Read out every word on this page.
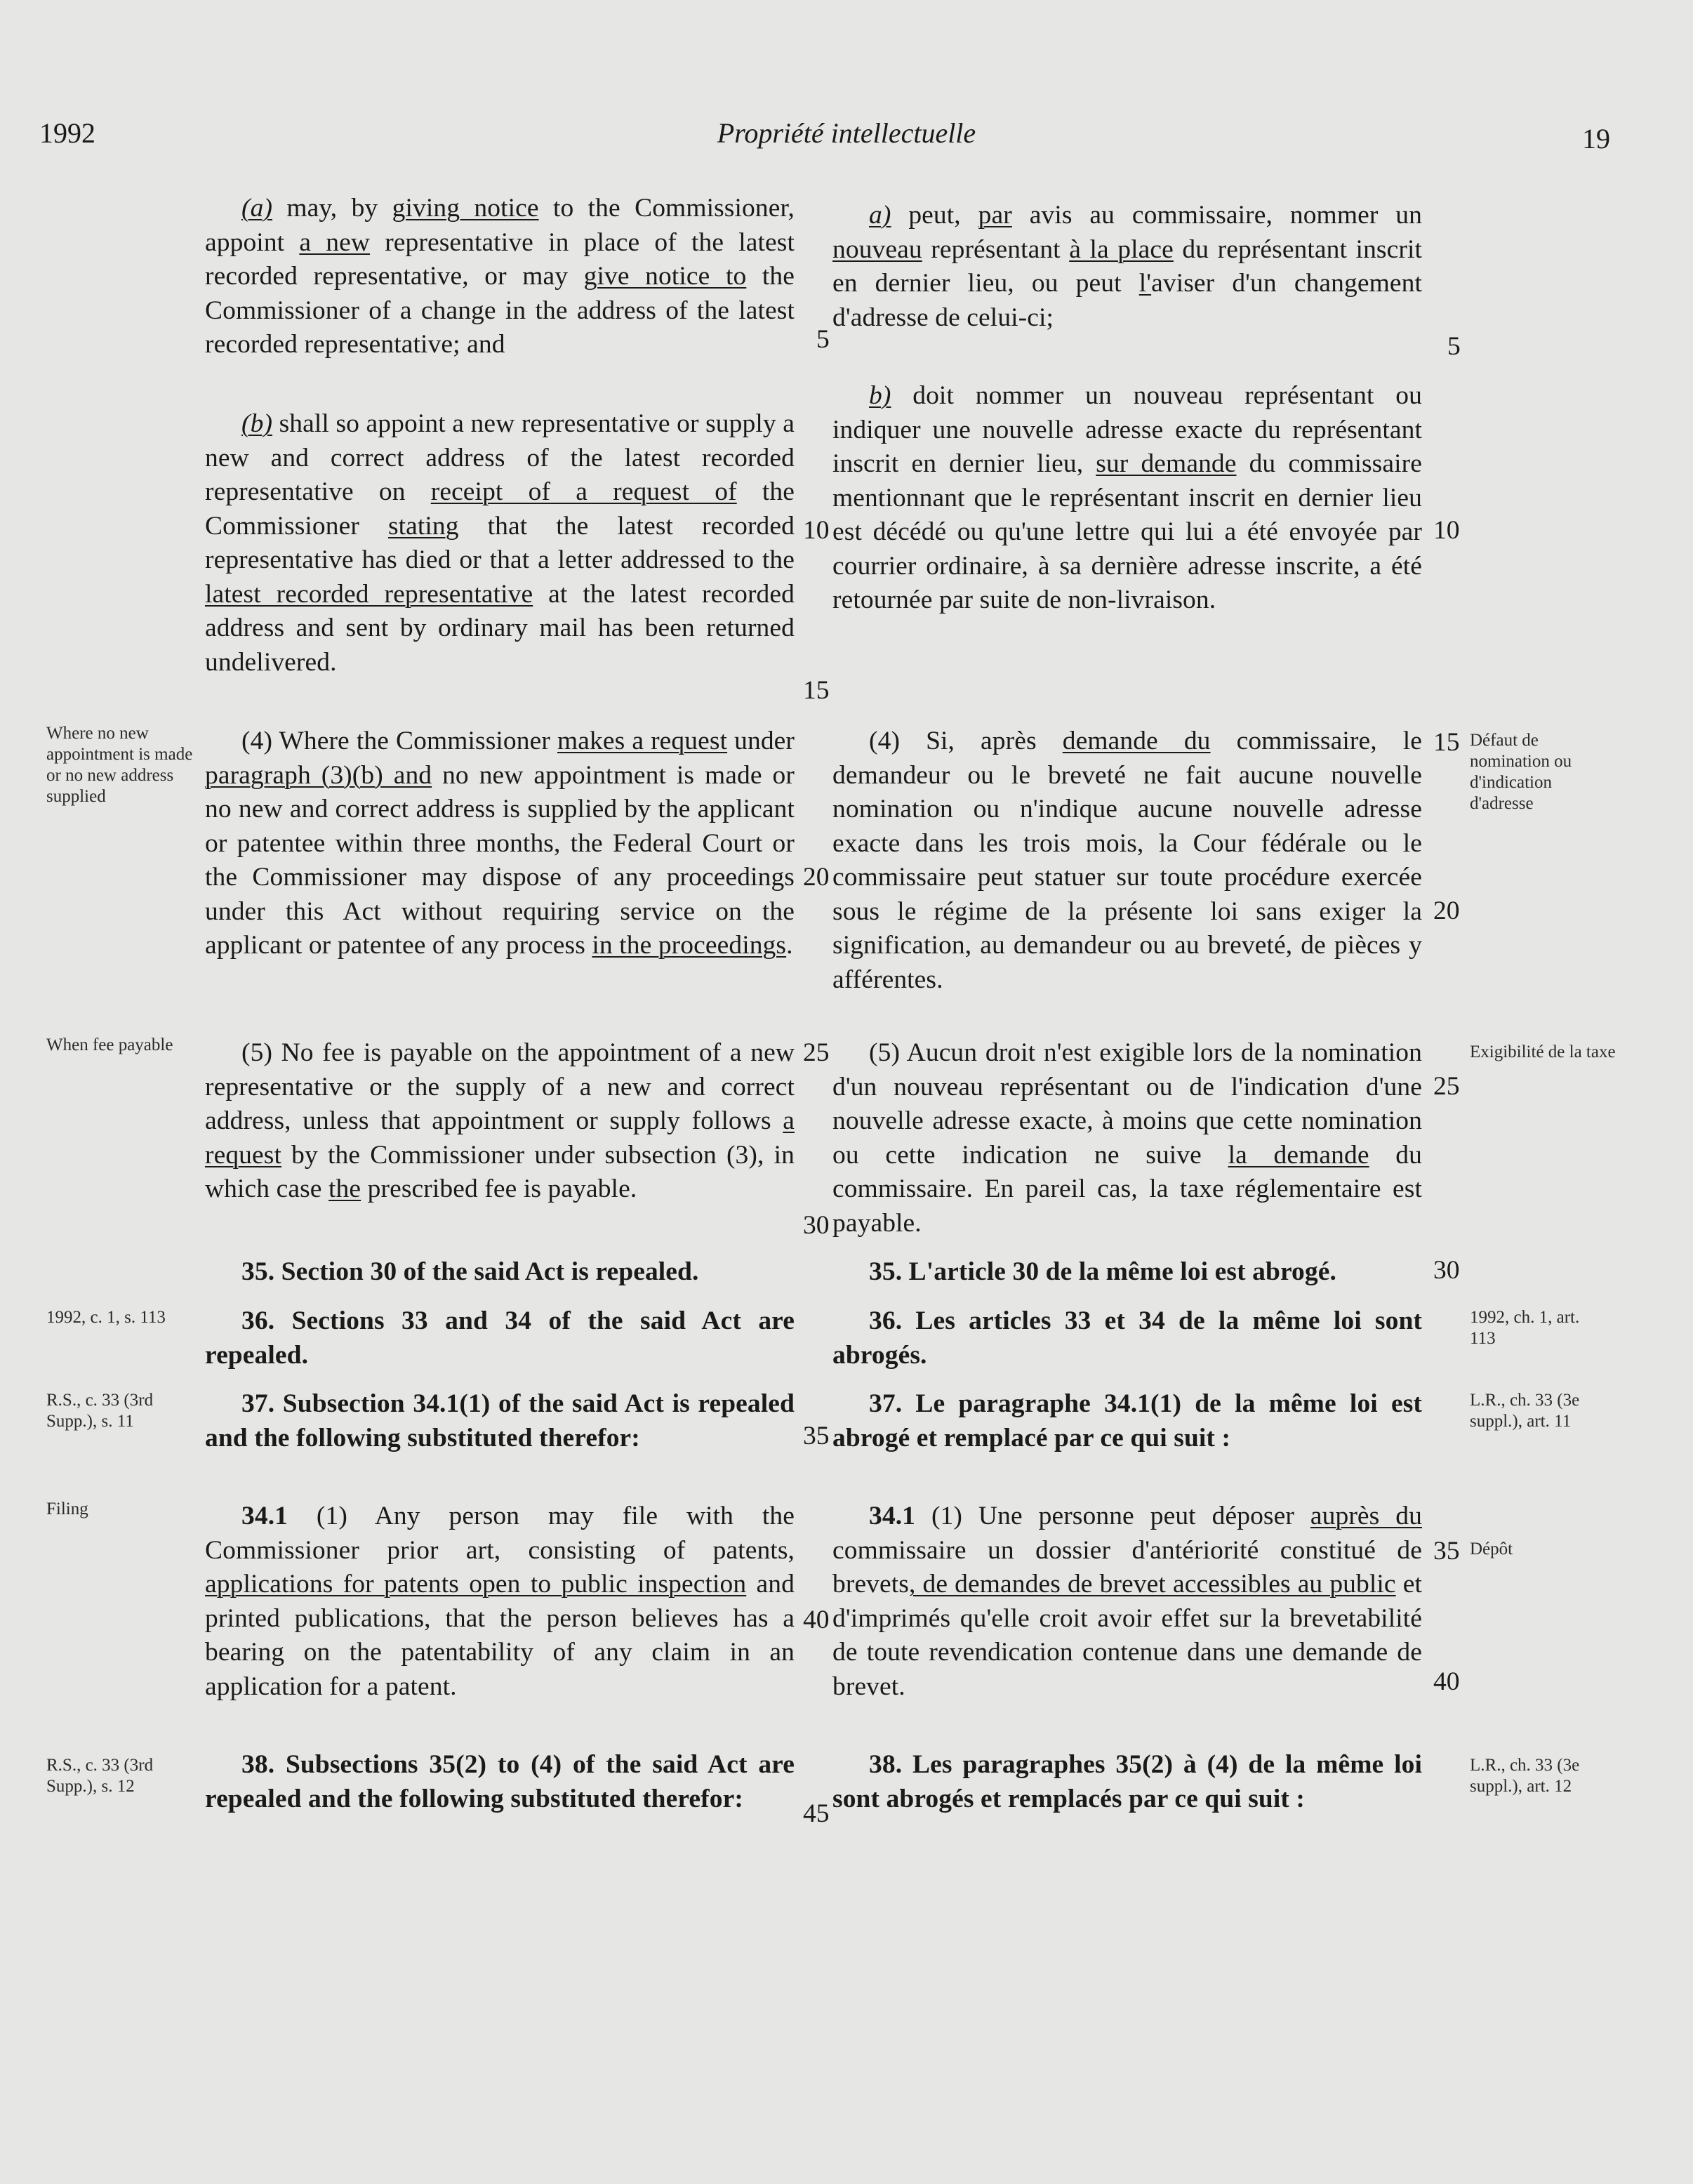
1992	Propriété intellectuelle	19
Where no new appointment is made or no new address supplied
When fee payable
1992, c. 1, s. 113
R.S., c. 33 (3rd Supp.), s. 11
Filing
R.S., c. 33 (3rd Supp.), s. 12
Défaut de nomination ou d'indication d'adresse
Exigibilité de la taxe
1992, ch. 1, art. 113
L.R., ch. 33 (3e suppl.), art. 11
Dépôt
L.R., ch. 33 (3e suppl.), art. 12
5
10
15
20
25
30
35
40
45
5
10
15
20
25
30
35
40

(a) may, by giving notice to the Commissioner, appoint a new representative in place of the latest recorded representative, or may give notice to the Commissioner of a change in the address of the latest recorded representative; and

(b) shall so appoint a new representative or supply a new and correct address of the latest recorded representative on receipt of a request of the Commissioner stating that the latest recorded representative has died or that a letter addressed to the latest recorded representative at the latest recorded address and sent by ordinary mail has been returned undelivered.

(4) Where the Commissioner makes a request under paragraph (3)(b) and no new appointment is made or no new and correct address is supplied by the applicant or patentee within three months, the Federal Court or the Commissioner may dispose of any proceedings under this Act without requiring service on the applicant or patentee of any process in the proceedings.

(5) No fee is payable on the appointment of a new representative or the supply of a new and correct address, unless that appointment or supply follows a request by the Commissioner under subsection (3), in which case the prescribed fee is payable.

35. Section 30 of the said Act is repealed.
36. Sections 33 and 34 of the said Act are repealed.
37. Subsection 34.1(1) of the said Act is repealed and the following substituted therefor:

34.1 (1) Any person may file with the Commissioner prior art, consisting of patents, applications for patents open to public inspection and printed publications, that the person believes has a bearing on the patentability of any claim in an application for a patent.

38. Subsections 35(2) to (4) of the said Act are repealed and the following substituted therefor:

a) peut, par avis au commissaire, nommer un nouveau représentant à la place du représentant inscrit en dernier lieu, ou peut l'aviser d'un changement d'adresse de celui-ci;

b) doit nommer un nouveau représentant ou indiquer une nouvelle adresse exacte du représentant inscrit en dernier lieu, sur demande du commissaire mentionnant que le représentant inscrit en dernier lieu est décédé ou qu'une lettre qui lui a été envoyée par courrier ordinaire, à sa dernière adresse inscrite, a été retournée par suite de non-livraison.

(4) Si, après demande du commissaire, le demandeur ou le breveté ne fait aucune nouvelle nomination ou n'indique aucune nouvelle adresse exacte dans les trois mois, la Cour fédérale ou le commissaire peut statuer sur toute procédure exercée sous le régime de la présente loi sans exiger la signification, au demandeur ou au breveté, de pièces y afférentes.

(5) Aucun droit n'est exigible lors de la nomination d'un nouveau représentant ou de l'indication d'une nouvelle adresse exacte, à moins que cette nomination ou cette indication ne suive la demande du commissaire. En pareil cas, la taxe réglementaire est payable.

35. L'article 30 de la même loi est abrogé.
36. Les articles 33 et 34 de la même loi sont abrogés.
37. Le paragraphe 34.1(1) de la même loi est abrogé et remplacé par ce qui suit :

34.1 (1) Une personne peut déposer auprès du commissaire un dossier d'antériorité constitué de brevets, de demandes de brevet accessibles au public et d'imprimés qu'elle croit avoir effet sur la brevetabilité de toute revendication contenue dans une demande de brevet.

38. Les paragraphes 35(2) à (4) de la même loi sont abrogés et remplacés par ce qui suit :
